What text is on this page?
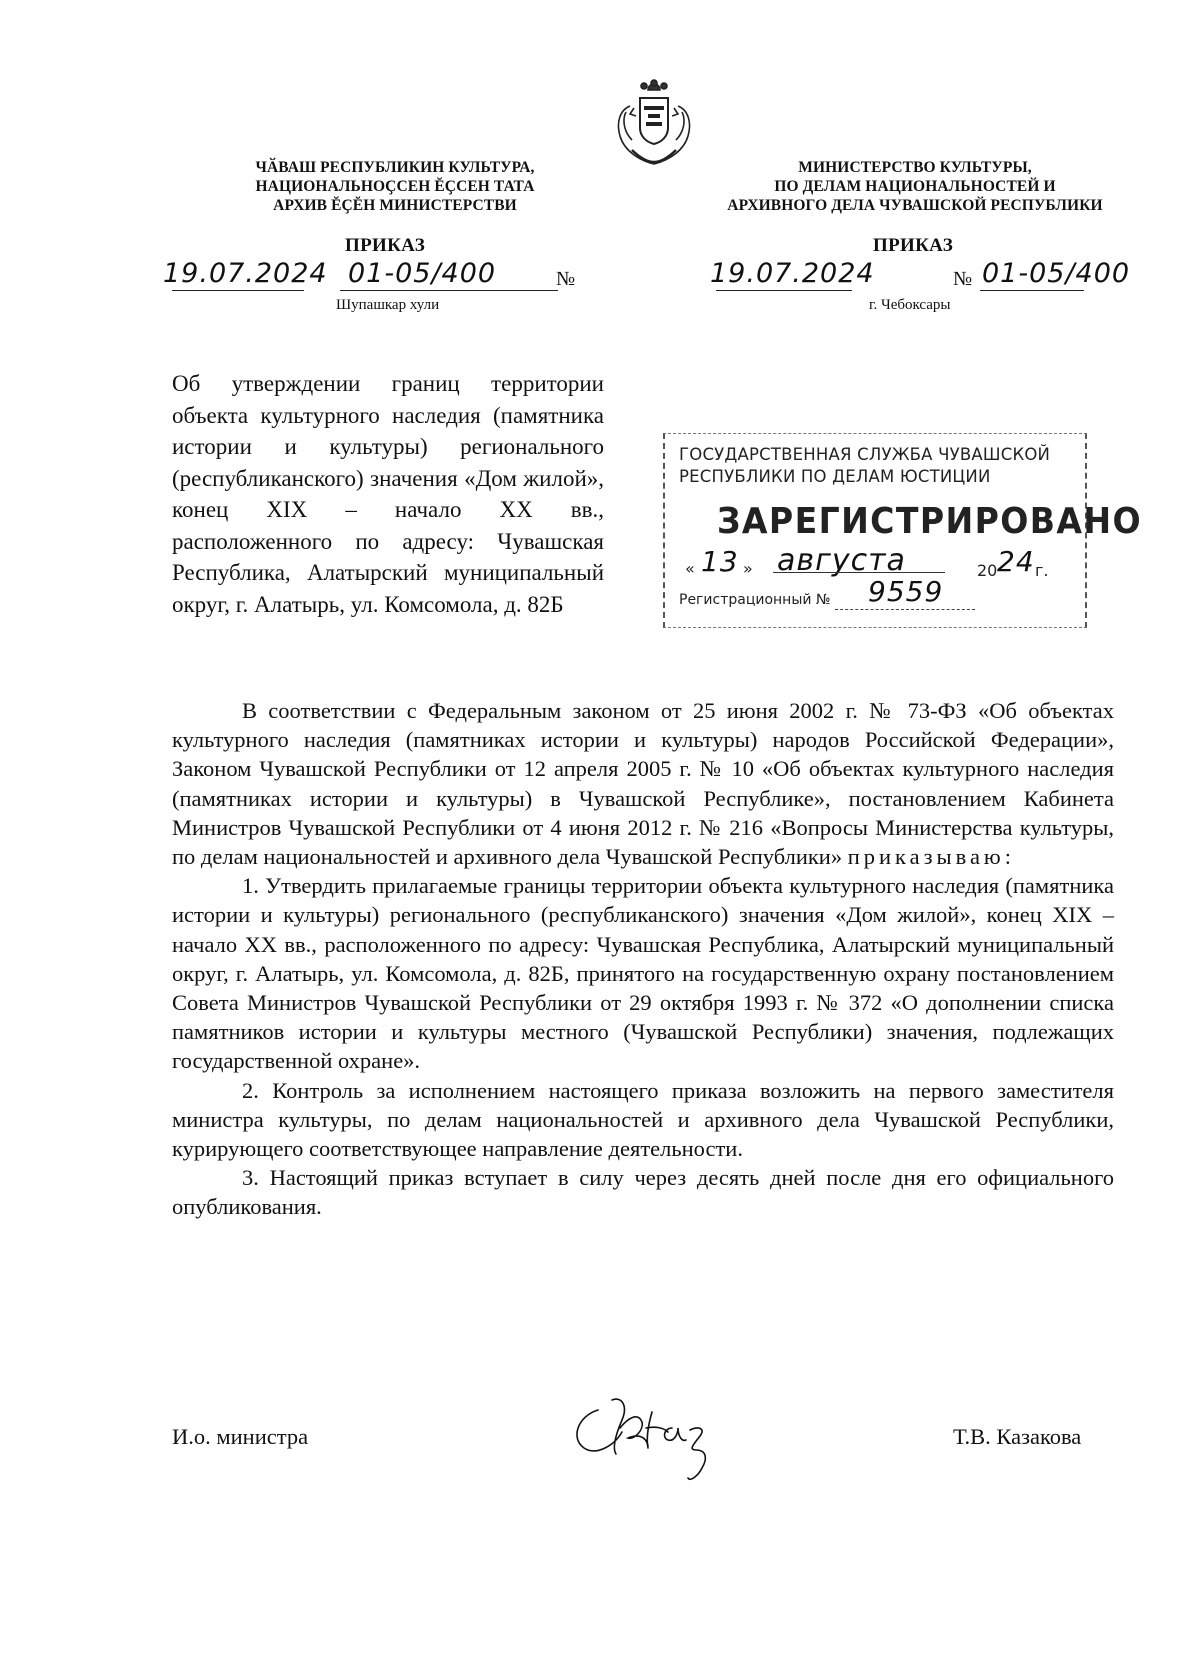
ЧӐВАШ РЕСПУБЛИКИН КУЛЬТУРА,
НАЦИОНАЛЬНОҪСЕН ĔҪСЕН ТАТА
АРХИВ ĔҪĔН МИНИСТЕРСТВИ
МИНИСТЕРСТВО КУЛЬТУРЫ,
ПО ДЕЛАМ НАЦИОНАЛЬНОСТЕЙ И
АРХИВНОГО ДЕЛА ЧУВАШСКОЙ РЕСПУБЛИКИ
ПРИКАЗ
19.07.2024 01-05/400	№
Шупашкар хули
ПРИКАЗ
19.07.2024	№ 01-05/400
г. Чебоксары
Об утверждении границ территории объекта культурного наследия (памятника истории и культуры) регионального (республиканского) значения «Дом жилой», конец XIX – начало XX вв., расположенного по адресу: Чувашская Республика, Алатырский муниципальный округ, г. Алатырь, ул. Комсомола, д. 82Б
ГОСУДАРСТВЕННАЯ СЛУЖБА ЧУВАШСКОЙ
РЕСПУБЛИКИ ПО ДЕЛАМ ЮСТИЦИИ
ЗАРЕГИСТРИРОВАНО
« 13 » августа	20 24 г.
Регистрационный № 9559

В соответствии с Федеральным законом от 25 июня 2002 г. № 73-ФЗ «Об объектах культурного наследия (памятниках истории и культуры) народов Российской Федерации», Законом Чувашской Республики от 12 апреля 2005 г. № 10 «Об объектах культурного наследия (памятниках истории и культуры) в Чувашской Республике», постановлением Кабинета Министров Чувашской Республики от 4 июня 2012 г. № 216 «Вопросы Министерства культуры, по делам национальностей и архивного дела Чувашской Республики» приказываю:

1. Утвердить прилагаемые границы территории объекта культурного наследия (памятника истории и культуры) регионального (республиканского) значения «Дом жилой», конец XIX – начало XX вв., расположенного по адресу: Чувашская Республика, Алатырский муниципальный округ, г. Алатырь, ул. Комсомола, д. 82Б, принятого на государственную охрану постановлением Совета Министров Чувашской Республики от 29 октября 1993 г. № 372 «О дополнении списка памятников истории и культуры местного (Чувашской Республики) значения, подлежащих государственной охране».

2. Контроль за исполнением настоящего приказа возложить на первого заместителя министра культуры, по делам национальностей и архивного дела Чувашской Республики, курирующего соответствующее направление деятельности.

3. Настоящий приказ вступает в силу через десять дней после дня его официального опубликования.

И.о. министра	Т.В. Казакова
